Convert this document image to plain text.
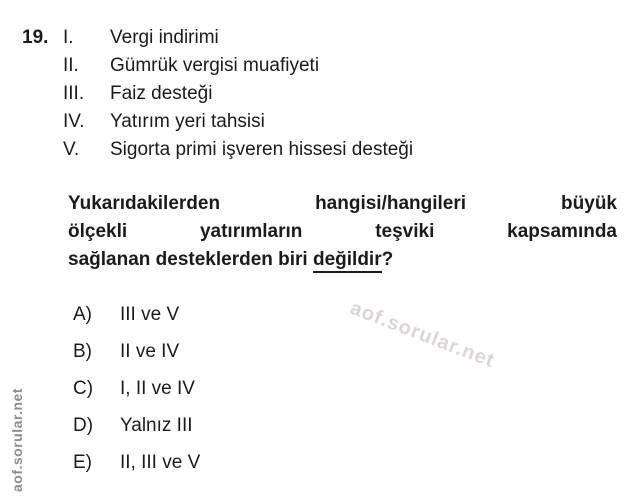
19. I.	Vergi indirimi
II.	Gümrük vergisi muafiyeti
III.	Faiz desteği
IV.	Yatırım yeri tahsisi
V.	Sigorta primi işveren hissesi desteği
Yukarıdakilerden hangisi/hangileri büyük
ölçekli yatırımların teşviki kapsamında
sağlanan desteklerden biri değildir?
A)	III ve V
B)	II ve IV
C)	I, II ve IV
D)	Yalnız III
E)	II, III ve V
aof.sorular.net
aof.sorular.net
